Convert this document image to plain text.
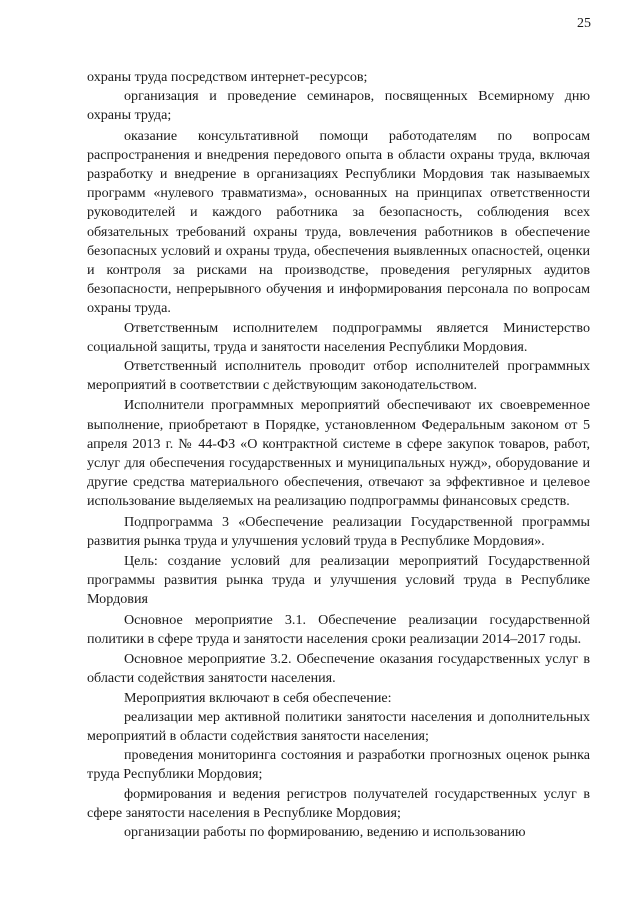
25

охраны труда посредством интернет-ресурсов;

организация и проведение семинаров, посвященных Всемирному дню охраны труда;

оказание консультативной помощи работодателям по вопросам распространения и внедрения передового опыта в области охраны труда, включая разработку и внедрение в организациях Республики Мордовия так называемых программ «нулевого травматизма», основанных на принципах ответственности руководителей и каждого работника за безопасность, соблюдения всех обязательных требований охраны труда, вовлечения работников в обеспечение безопасных условий и охраны труда, обеспечения выявленных опасностей, оценки и контроля за рисками на производстве, проведения регулярных аудитов безопасности, непрерывного обучения и информирования персонала по вопросам охраны труда.

Ответственным исполнителем подпрограммы является Министерство социальной защиты, труда и занятости населения Республики Мордовия.

Ответственный исполнитель проводит отбор исполнителей программных мероприятий в соответствии с действующим законодательством.

Исполнители программных мероприятий обеспечивают их своевременное выполнение, приобретают в Порядке, установленном Федеральным законом от 5 апреля 2013 г. № 44-ФЗ «О контрактной системе в сфере закупок товаров, работ, услуг для обеспечения государственных и муниципальных нужд», оборудование и другие средства материального обеспечения, отвечают за эффективное и целевое использование выделяемых на реализацию подпрограммы финансовых средств.

Подпрограмма 3 «Обеспечение реализации Государственной программы развития рынка труда и улучшения условий труда в Республике Мордовия».

Цель: создание условий для реализации мероприятий Государственной программы развития рынка труда и улучшения условий труда в Республике Мордовия

Основное мероприятие 3.1. Обеспечение реализации государственной политики в сфере труда и занятости населения сроки реализации 2014–2017 годы.

Основное мероприятие 3.2. Обеспечение оказания государственных услуг в области содействия занятости населения.

Мероприятия включают в себя обеспечение:

реализации мер активной политики занятости населения и дополнительных мероприятий в области содействия занятости населения;

проведения мониторинга состояния и разработки прогнозных оценок рынка труда Республики Мордовия;

формирования и ведения регистров получателей государственных услуг в сфере занятости населения в Республике Мордовия;

организации работы по формированию, ведению и использованию
